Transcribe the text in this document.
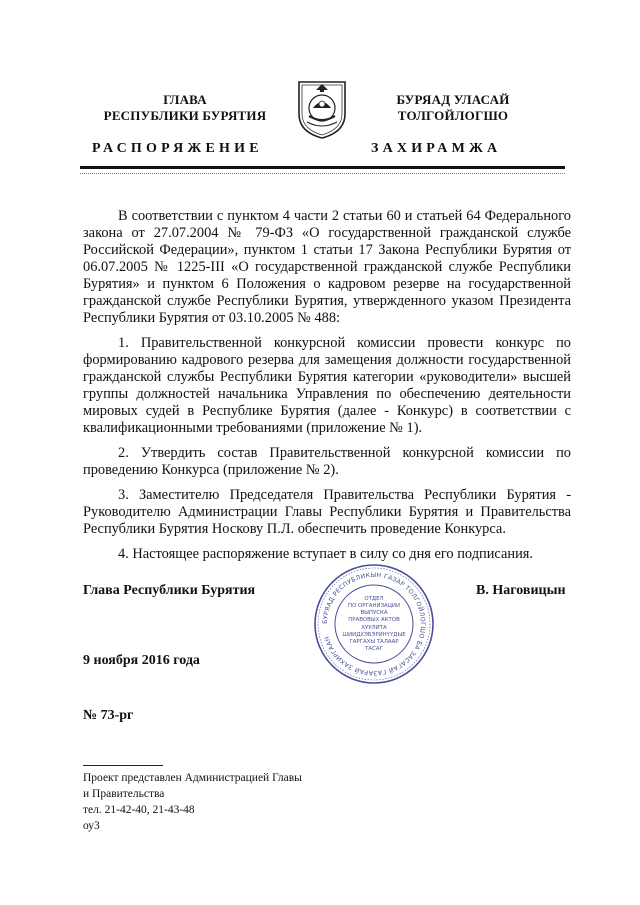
ГЛАВА
РЕСПУБЛИКИ БУРЯТИЯ
БУРЯАД УЛАСАЙ
ТОЛГОЙЛОГШО
РАСПОРЯЖЕНИЕ	ЗАХИРАМЖА

В соответствии с пунктом 4 части 2 статьи 60 и статьей 64 Федерального закона от 27.07.2004 № 79-ФЗ «О государственной гражданской службе Российской Федерации», пунктом 1 статьи 17 Закона Республики Бурятия от 06.07.2005 № 1225-III «О государственной гражданской службе Республики Бурятия» и пунктом 6 Положения о кадровом резерве на государственной гражданской службе Республики Бурятия, утвержденного указом Президента Республики Бурятия от 03.10.2005 № 488:

1. Правительственной конкурсной комиссии провести конкурс по формированию кадрового резерва для замещения должности государственной гражданской службы Республики Бурятия категории «руководители» высшей группы должностей начальника Управления по обеспечению деятельности мировых судей в Республике Бурятия (далее - Конкурс) в соответствии с квалификационными требованиями (приложение № 1).

2. Утвердить состав Правительственной конкурсной комиссии по проведению Конкурса (приложение № 2).

3. Заместителю Председателя Правительства Республики Бурятия - Руководителю Администрации Главы Республики Бурятия и Правительства Республики Бурятия Носкову П.Л. обеспечить проведение Конкурса.

4. Настоящее распоряжение вступает в силу со дня его подписания.

Глава Республики Бурятия	В. Наговицын
БУРЯАД РЕСПУБЛИКЫН ГАЗАР ТОЛГОЙЛОГШО БА ЗАСАГАЙ ГАЗАРАЙ ЗАХИРГААН
ОТДЕЛ
ПО ОРГАНИЗАЦИИ
ВЫПУСКА
ПРАВОВЫХ АКТОВ
ХУУЛИТА
ШИИДХЭБЭРИНҮҮДЫЕ
ГАРГАХЫ ТАЛААР
ТАСАГ
9 ноября 2016 года
№ 73-рг
Проект представлен Администрацией Главы
и Правительства
тел. 21-42-40, 21-43-48
оу3
